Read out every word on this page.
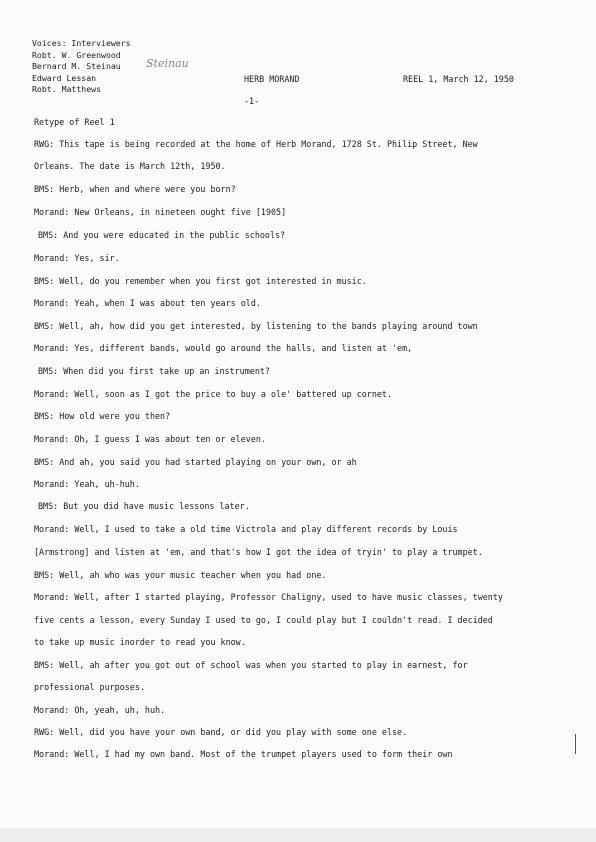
Voices: Interviewers
Robt. W. Greenwood
Bernard M. Steinau
Edward Lessan
Robt. Matthews
Steinau
HERB MORAND	REEL 1, March 12, 1950
-1-
Retype of Reel 1
RWG: This tape is being recorded at the home of Herb Morand, 1728 St. Philip Street, New
Orleans. The date is March 12th, 1950.
BMS: Herb, when and where were you born?
Morand: New Orleans, in nineteen ought five [1905]
BMS: And you were educated in the public schools?
Morand: Yes, sir.
BMS: Well, do you remember when you first got interested in music.
Morand: Yeah, when I was about ten years old.
BMS: Well, ah, how did you get interested, by listening to the bands playing around town
Morand: Yes, different bands, would go around the halls, and listen at 'em,
BMS: When did you first take up an instrument?
Morand: Well, soon as I got the price to buy a ole' battered up cornet.
BMS: How old were you then?
Morand: Oh, I guess I was about ten or eleven.
BMS: And ah, you said you had started playing on your own, or ah
Morand: Yeah, uh-huh.
BMS: But you did have music lessons later.
Morand: Well, I used to take a old time Victrola and play different records by Louis
[Armstrong] and listen at 'em, and that's how I got the idea of tryin' to play a trumpet.
BMS: Well, ah who was your music teacher when you had one.
Morand: Well, after I started playing, Professor Chaligny, used to have music classes, twenty
five cents a lesson, every Sunday I used to go, I could play but I couldn't read. I decided
to take up music inorder to read you know.
BMS: Well, ah after you got out of school was when you started to play in earnest, for
professional purposes.
Morand: Oh, yeah, uh, huh.
RWG: Well, did you have your own band, or did you play with some one else.
Morand: Well, I had my own band. Most of the trumpet players used to form their own
